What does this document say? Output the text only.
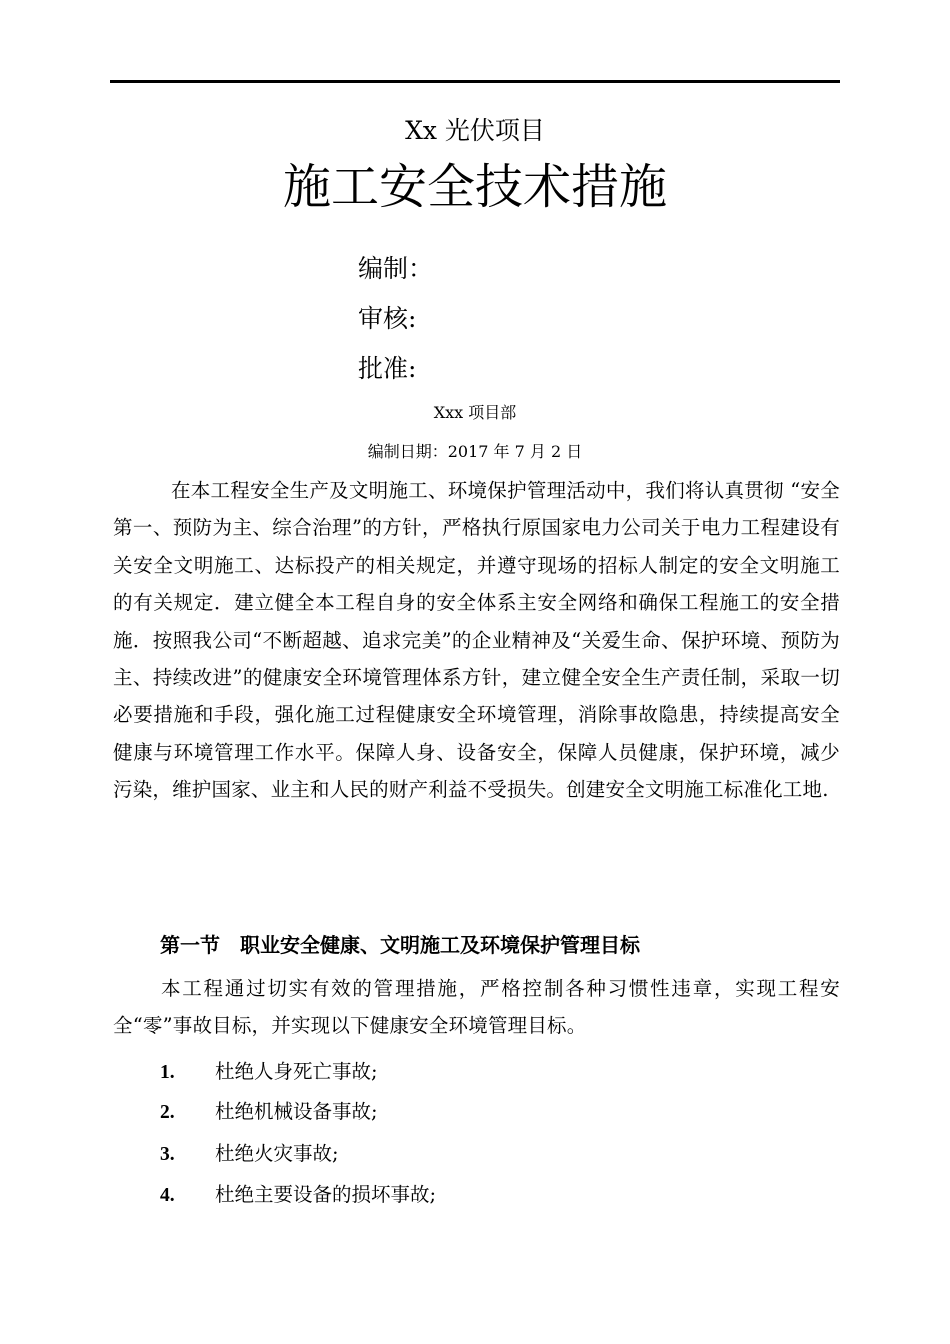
Xx 光伏项目
施工安全技术措施
编制：
审核:
批准:
Xxx 项目部
编制日期：2017 年 7 月 2 日
在本工程安全生产及文明施工、环境保护管理活动中，我们将认真贯彻 “安全第一、预防为主、综合治理”的方针，严格执行原国家电力公司关于电力工程建设有关安全文明施工、达标投产的相关规定，并遵守现场的招标人制定的安全文明施工的有关规定．建立健全本工程自身的安全体系主安全网络和确保工程施工的安全措施．按照我公司“不断超越、追求完美”的企业精神及“关爱生命、保护环境、预防为主、持续改进”的健康安全环境管理体系方针，建立健全安全生产责任制，采取一切必要措施和手段，强化施工过程健康安全环境管理，消除事故隐患，持续提高安全健康与环境管理工作水平。保障人身、设备安全，保障人员健康，保护环境，减少污染，维护国家、业主和人民的财产利益不受损失。创建安全文明施工标准化工地.
第一节 职业安全健康、文明施工及环境保护管理目标
本工程通过切实有效的管理措施，严格控制各种习惯性违章，实现工程安全“零”事故目标，并实现以下健康安全环境管理目标。
1. 杜绝人身死亡事故;
2. 杜绝机械设备事故;
3. 杜绝火灾事故;
4. 杜绝主要设备的损坏事故;
